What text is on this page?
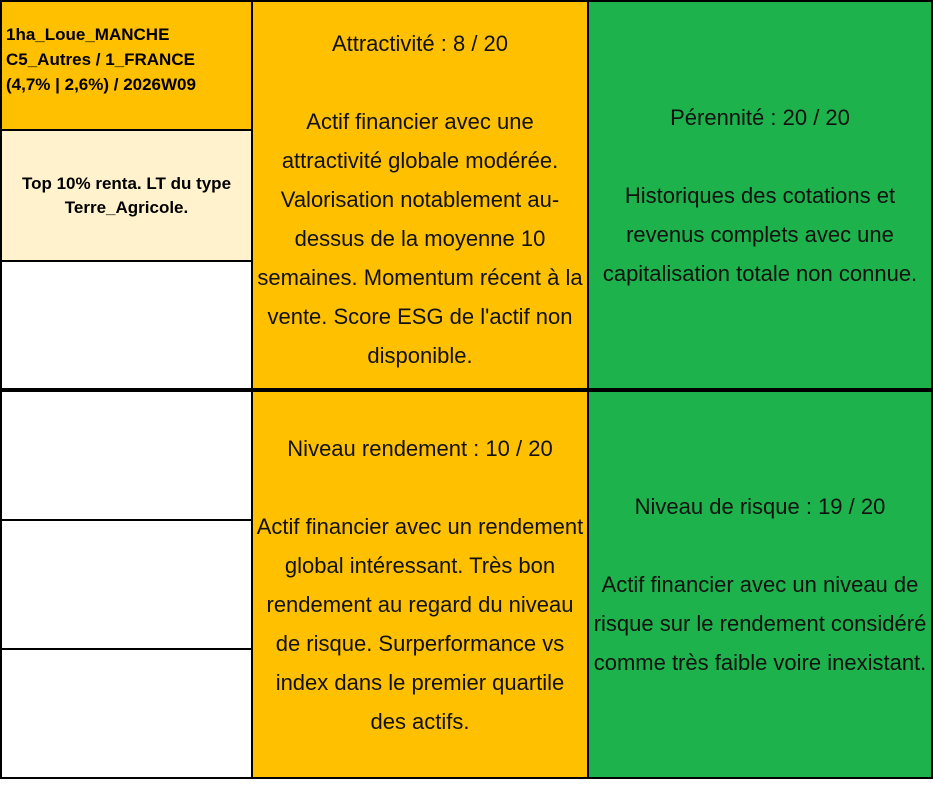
1ha_Loue_MANCHE
C5_Autres / 1_FRANCE
(4,7% | 2,6%) / 2026W09
Top 10% renta. LT du type Terre_Agricole.
Attractivité : 8 / 20
Actif financier avec une attractivité globale modérée. Valorisation notablement au-dessus de la moyenne 10 semaines. Momentum récent à la vente. Score ESG de l'actif non disponible.
Niveau rendement : 10 / 20
Actif financier avec un rendement global intéressant. Très bon rendement au regard du niveau de risque. Surperformance vs index dans le premier quartile des actifs.
Pérennité : 20 / 20
Historiques des cotations et revenus complets avec une capitalisation totale non connue.
Niveau de risque : 19 / 20
Actif financier avec un niveau de risque sur le rendement considéré comme très faible voire inexistant.
